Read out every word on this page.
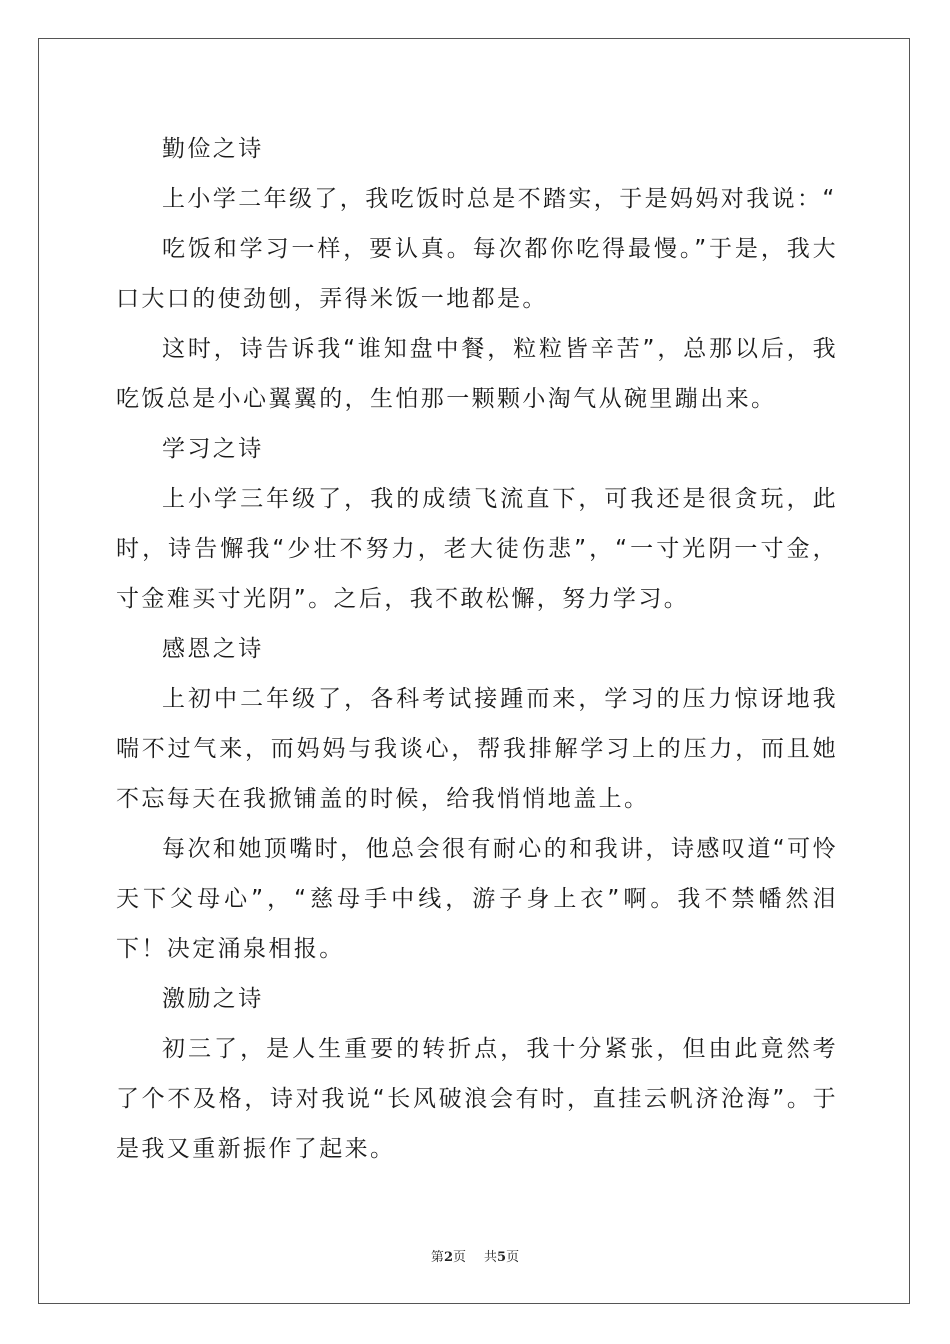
勤俭之诗

上小学二年级了，我吃饭时总是不踏实，于是妈妈对我说：“

吃饭和学习一样，要认真。每次都你吃得最慢。”于是，我大口大口的使劲刨，弄得米饭一地都是。

这时，诗告诉我“谁知盘中餐，粒粒皆辛苦”，总那以后，我吃饭总是小心翼翼的，生怕那一颗颗小淘气从碗里蹦出来。

学习之诗

上小学三年级了，我的成绩飞流直下，可我还是很贪玩，此时，诗告懈我“少壮不努力，老大徒伤悲”，“一寸光阴一寸金，寸金难买寸光阴”。之后，我不敢松懈，努力学习。

感恩之诗

上初中二年级了，各科考试接踵而来，学习的压力惊讶地我喘不过气来，而妈妈与我谈心，帮我排解学习上的压力，而且她不忘每天在我掀铺盖的时候，给我悄悄地盖上。

每次和她顶嘴时，他总会很有耐心的和我讲，诗感叹道“可怜天下父母心”，“慈母手中线，游子身上衣”啊。我不禁幡然泪下！决定涌泉相报。

激励之诗

初三了，是人生重要的转折点，我十分紧张，但由此竟然考了个不及格，诗对我说“长风破浪会有时，直挂云帆济沧海”。于是我又重新振作了起来。

第2页 共5页
